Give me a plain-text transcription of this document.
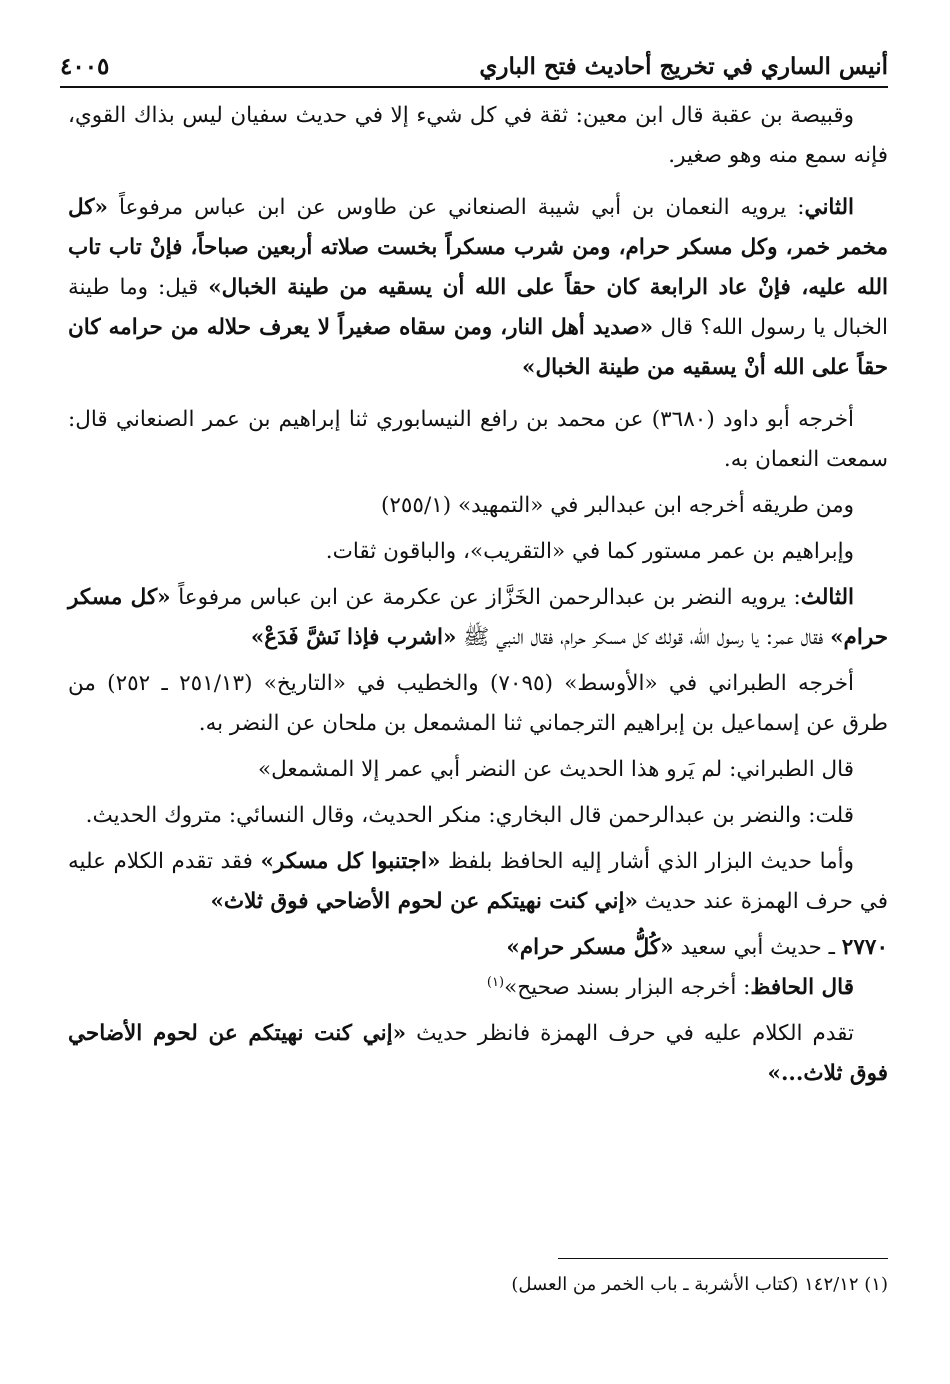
أنيس الساري في تخريج أحاديث فتح الباري
٤٠٠٥

وقبيصة بن عقبة قال ابن معين: ثقة في كل شيء إلا في حديث سفيان ليس بذاك القوي، فإنه سمع منه وهو صغير.

الثاني: يرويه النعمان بن أبي شيبة الصنعاني عن طاوس عن ابن عباس مرفوعاً «كل مخمر خمر، وكل مسكر حرام، ومن شرب مسكراً بخست صلاته أربعين صباحاً، فإنْ تاب تاب الله عليه، فإنْ عاد الرابعة كان حقاً على الله أن يسقيه من طينة الخبال» قيل: وما طينة الخبال يا رسول الله؟ قال «صديد أهل النار، ومن سقاه صغيراً لا يعرف حلاله من حرامه كان حقاً على الله أنْ يسقيه من طينة الخبال»

أخرجه أبو داود (٣٦٨٠) عن محمد بن رافع النيسابوري ثنا إبراهيم بن عمر الصنعاني قال: سمعت النعمان به.

ومن طريقه أخرجه ابن عبدالبر في «التمهيد» (٢٥٥/١)

وإبراهيم بن عمر مستور كما في «التقريب»، والباقون ثقات.

الثالث: يرويه النضر بن عبدالرحمن الخَزَّاز عن عكرمة عن ابن عباس مرفوعاً «كل مسكر حرام» فقال عمر: يا رسول الله، قولك كل مسكر حرام، فقال النبي ﷺ «اشرب فإذا نَشَّ فَدَعْ»

أخرجه الطبراني في «الأوسط» (٧٠٩٥) والخطيب في «التاريخ» (٢٥١/١٣ ـ ٢٥٢) من طرق عن إسماعيل بن إبراهيم الترجماني ثنا المشمعل بن ملحان عن النضر به.

قال الطبراني: لم يَرو هذا الحديث عن النضر أبي عمر إلا المشمعل»

قلت: والنضر بن عبدالرحمن قال البخاري: منكر الحديث، وقال النسائي: متروك الحديث.

وأما حديث البزار الذي أشار إليه الحافظ بلفظ «اجتنبوا كل مسكر» فقد تقدم الكلام عليه في حرف الهمزة عند حديث «إني كنت نهيتكم عن لحوم الأضاحي فوق ثلاث»

٢٧٧٠ ـ حديث أبي سعيد «كُلُّ مسكر حرام»

قال الحافظ: أخرجه البزار بسند صحيح»$^{(١)}$

تقدم الكلام عليه في حرف الهمزة فانظر حديث «إني كنت نهيتكم عن لحوم الأضاحي فوق ثلاث...»

(١) ١٤٢/١٢ (كتاب الأشربة ـ باب الخمر من العسل)
